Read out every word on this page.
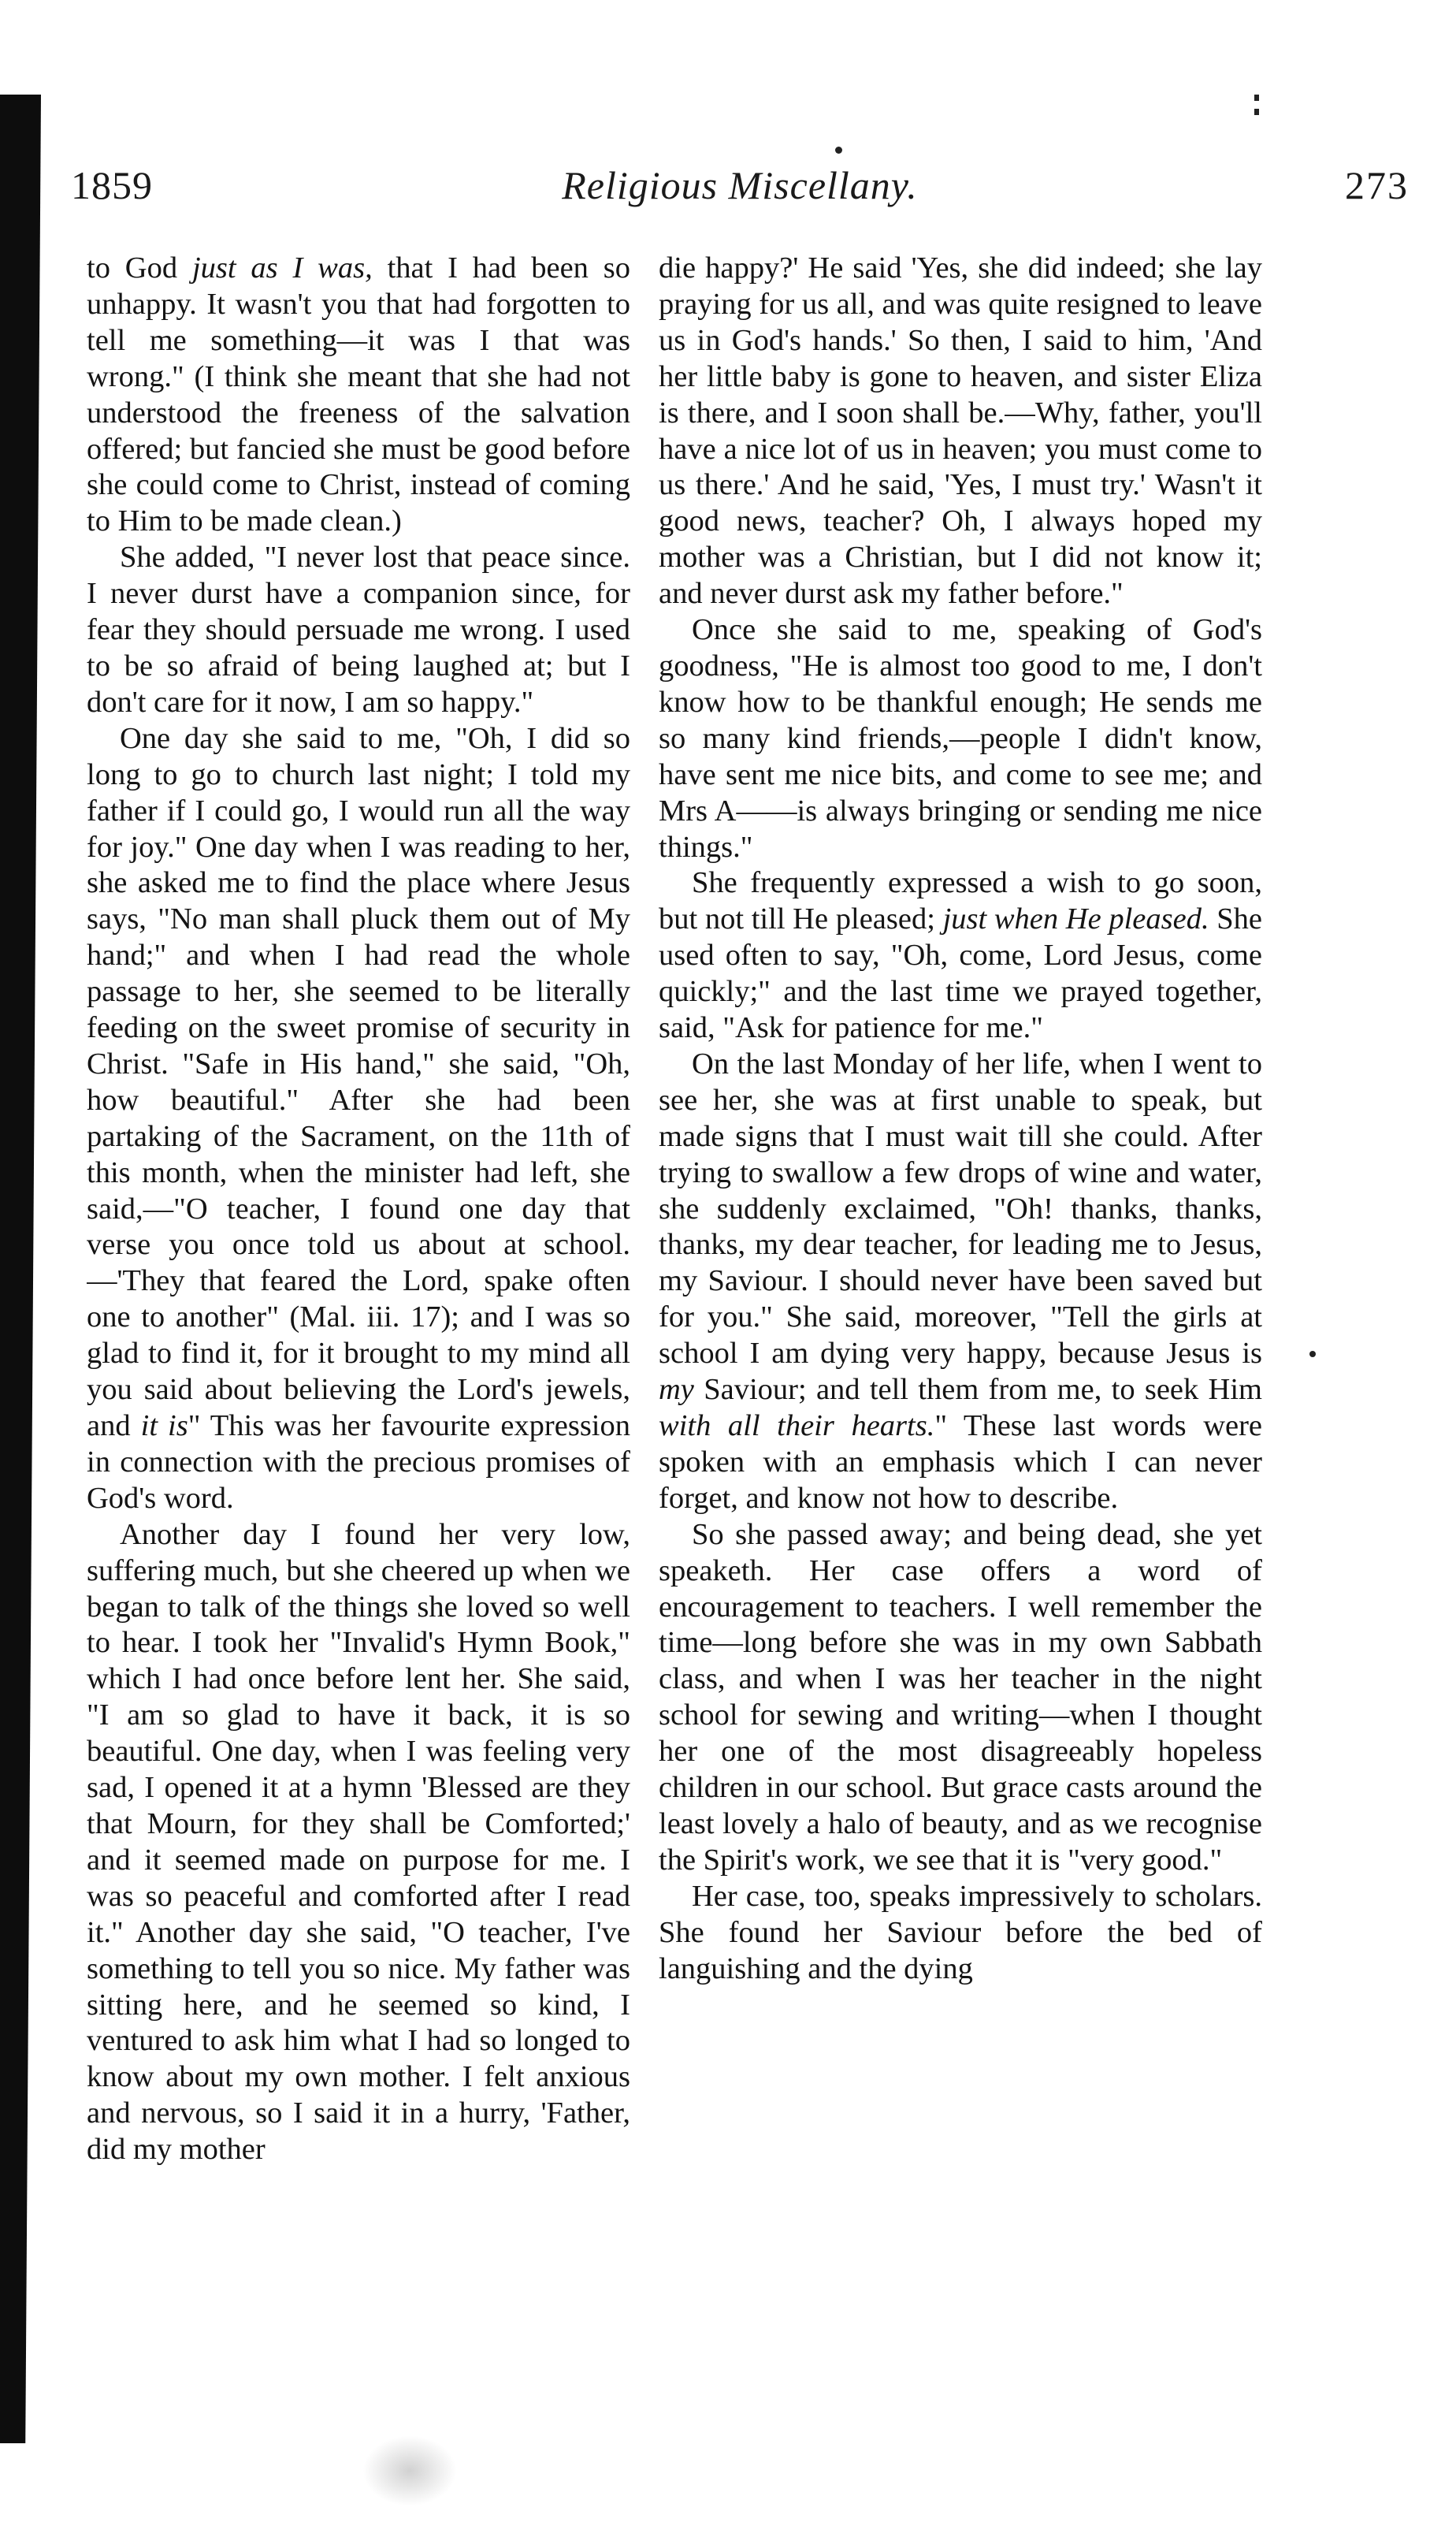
1859	Religious Miscellany.	273

to God just as I was, that I had been so unhappy. It wasn't you that had forgotten to tell me something—it was I that was wrong." (I think she meant that she had not understood the freeness of the salvation offered; but fancied she must be good before she could come to Christ, instead of coming to Him to be made clean.)

She added, "I never lost that peace since. I never durst have a companion since, for fear they should persuade me wrong. I used to be so afraid of being laughed at; but I don't care for it now, I am so happy."

One day she said to me, "Oh, I did so long to go to church last night; I told my father if I could go, I would run all the way for joy." One day when I was reading to her, she asked me to find the place where Jesus says, "No man shall pluck them out of My hand;" and when I had read the whole passage to her, she seemed to be literally feeding on the sweet promise of security in Christ. "Safe in His hand," she said, "Oh, how beautiful." After she had been partaking of the Sacrament, on the 11th of this month, when the minister had left, she said,—"O teacher, I found one day that verse you once told us about at school.—'They that feared the Lord, spake often one to another" (Mal. iii. 17); and I was so glad to find it, for it brought to my mind all you said about believing the Lord's jewels, and it is" This was her favourite expression in connection with the precious promises of God's word.

Another day I found her very low, suffering much, but she cheered up when we began to talk of the things she loved so well to hear. I took her "Invalid's Hymn Book," which I had once before lent her. She said, "I am so glad to have it back, it is so beautiful. One day, when I was feeling very sad, I opened it at a hymn 'Blessed are they that Mourn, for they shall be Comforted;' and it seemed made on purpose for me. I was so peaceful and comforted after I read it." Another day she said, "O teacher, I've something to tell you so nice. My father was sitting here, and he seemed so kind, I ventured to ask him what I had so longed to know about my own mother. I felt anxious and nervous, so I said it in a hurry, 'Father, did my mother

die happy?' He said 'Yes, she did indeed; she lay praying for us all, and was quite resigned to leave us in God's hands.' So then, I said to him, 'And her little baby is gone to heaven, and sister Eliza is there, and I soon shall be.—Why, father, you'll have a nice lot of us in heaven; you must come to us there.' And he said, 'Yes, I must try.' Wasn't it good news, teacher? Oh, I always hoped my mother was a Christian, but I did not know it; and never durst ask my father before."

Once she said to me, speaking of God's goodness, "He is almost too good to me, I don't know how to be thankful enough; He sends me so many kind friends,—people I didn't know, have sent me nice bits, and come to see me; and Mrs A——is always bringing or sending me nice things."

She frequently expressed a wish to go soon, but not till He pleased; just when He pleased. She used often to say, "Oh, come, Lord Jesus, come quickly;" and the last time we prayed together, said, "Ask for patience for me."

On the last Monday of her life, when I went to see her, she was at first unable to speak, but made signs that I must wait till she could. After trying to swallow a few drops of wine and water, she suddenly exclaimed, "Oh! thanks, thanks, thanks, my dear teacher, for leading me to Jesus, my Saviour. I should never have been saved but for you." She said, moreover, "Tell the girls at school I am dying very happy, because Jesus is my Saviour; and tell them from me, to seek Him with all their hearts." These last words were spoken with an emphasis which I can never forget, and know not how to describe.

So she passed away; and being dead, she yet speaketh. Her case offers a word of encouragement to teachers. I well remember the time—long before she was in my own Sabbath class, and when I was her teacher in the night school for sewing and writing—when I thought her one of the most disagreeably hopeless children in our school. But grace casts around the least lovely a halo of beauty, and as we recognise the Spirit's work, we see that it is "very good."

Her case, too, speaks impressively to scholars. She found her Saviour before the bed of languishing and the dying
